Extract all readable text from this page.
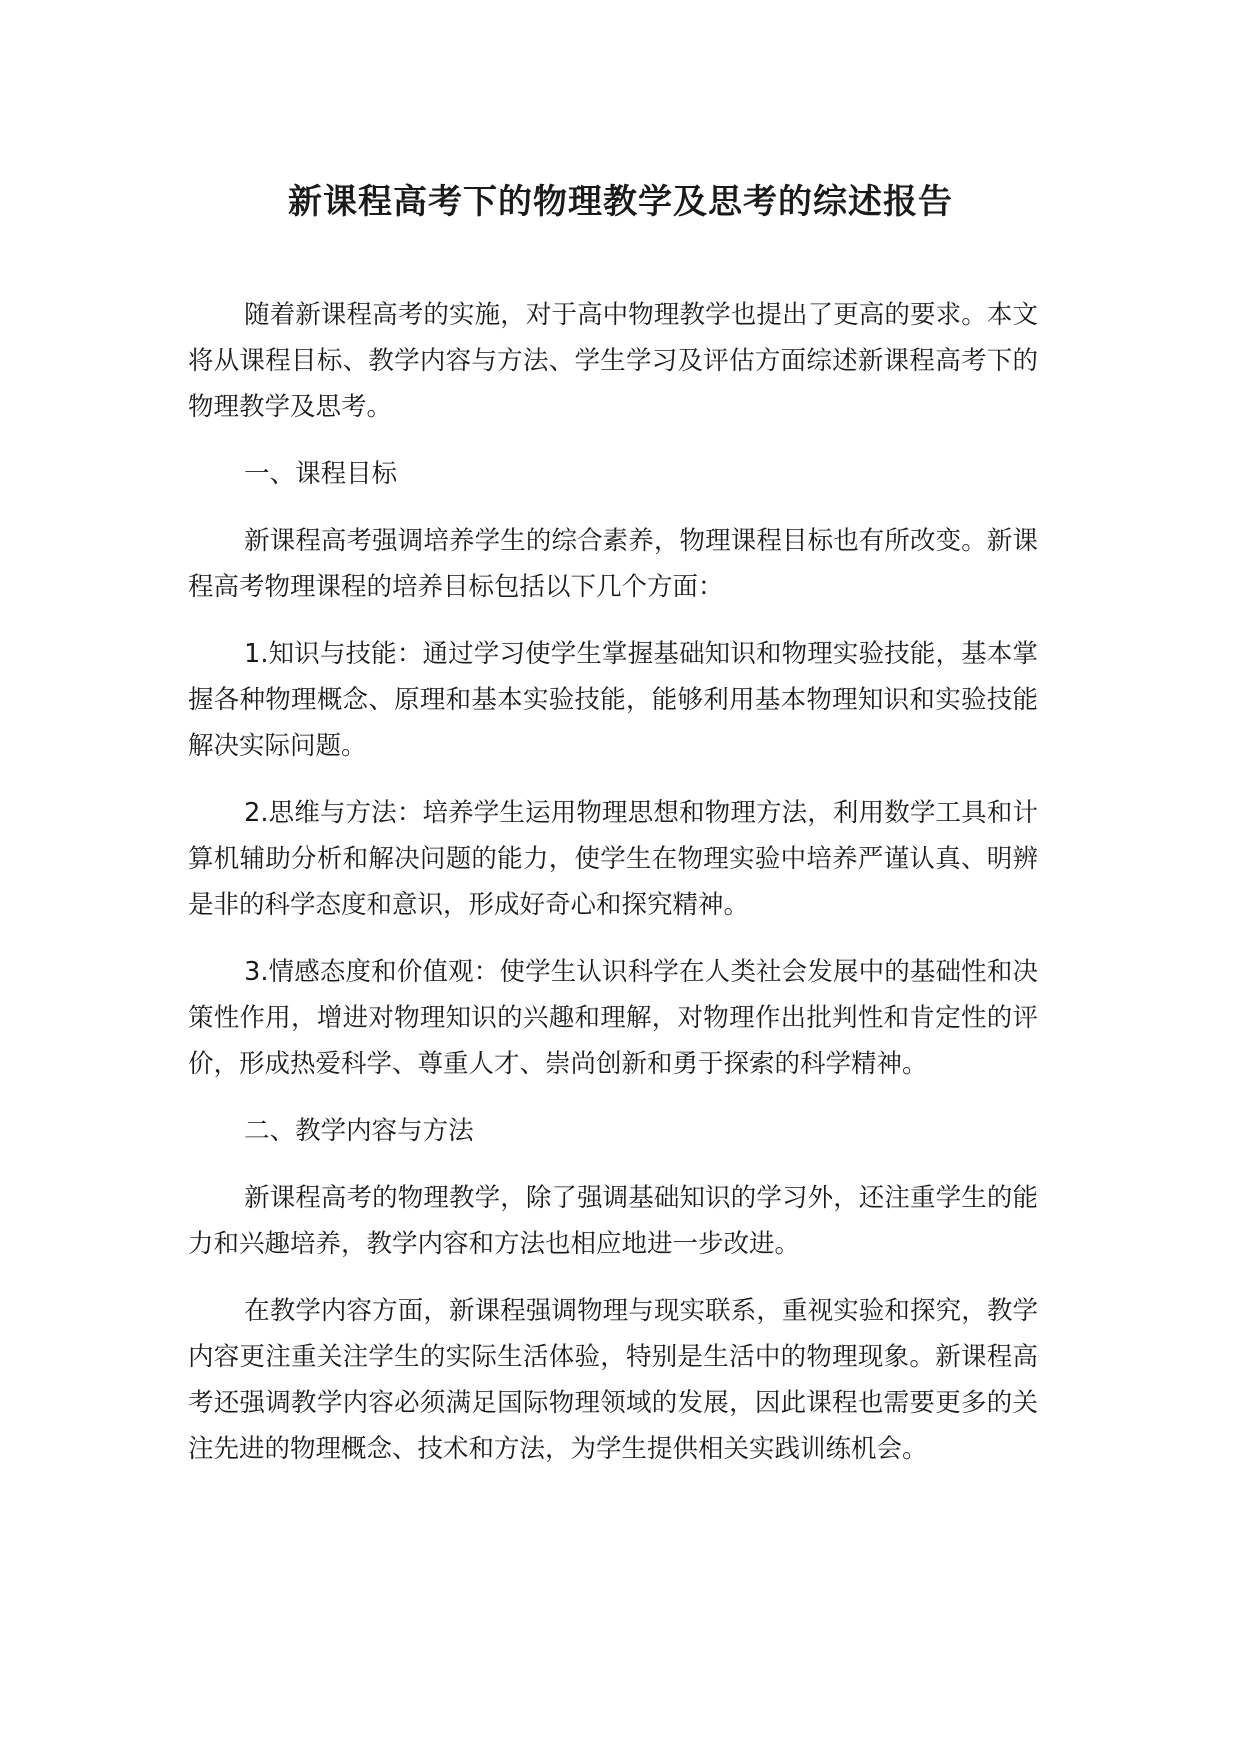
新课程高考下的物理教学及思考的综述报告

随着新课程高考的实施，对于高中物理教学也提出了更高的要求。本文将从课程目标、教学内容与方法、学生学习及评估方面综述新课程高考下的物理教学及思考。

一、课程目标

新课程高考强调培养学生的综合素养，物理课程目标也有所改变。新课程高考物理课程的培养目标包括以下几个方面：

1.知识与技能：通过学习使学生掌握基础知识和物理实验技能，基本掌握各种物理概念、原理和基本实验技能，能够利用基本物理知识和实验技能解决实际问题。

2.思维与方法：培养学生运用物理思想和物理方法，利用数学工具和计算机辅助分析和解决问题的能力，使学生在物理实验中培养严谨认真、明辨是非的科学态度和意识，形成好奇心和探究精神。

3.情感态度和价值观：使学生认识科学在人类社会发展中的基础性和决策性作用，增进对物理知识的兴趣和理解，对物理作出批判性和肯定性的评价，形成热爱科学、尊重人才、崇尚创新和勇于探索的科学精神。

二、教学内容与方法

新课程高考的物理教学，除了强调基础知识的学习外，还注重学生的能力和兴趣培养，教学内容和方法也相应地进一步改进。

在教学内容方面，新课程强调物理与现实联系，重视实验和探究，教学内容更注重关注学生的实际生活体验，特别是生活中的物理现象。新课程高考还强调教学内容必须满足国际物理领域的发展，因此课程也需要更多的关注先进的物理概念、技术和方法，为学生提供相关实践训练机会。
